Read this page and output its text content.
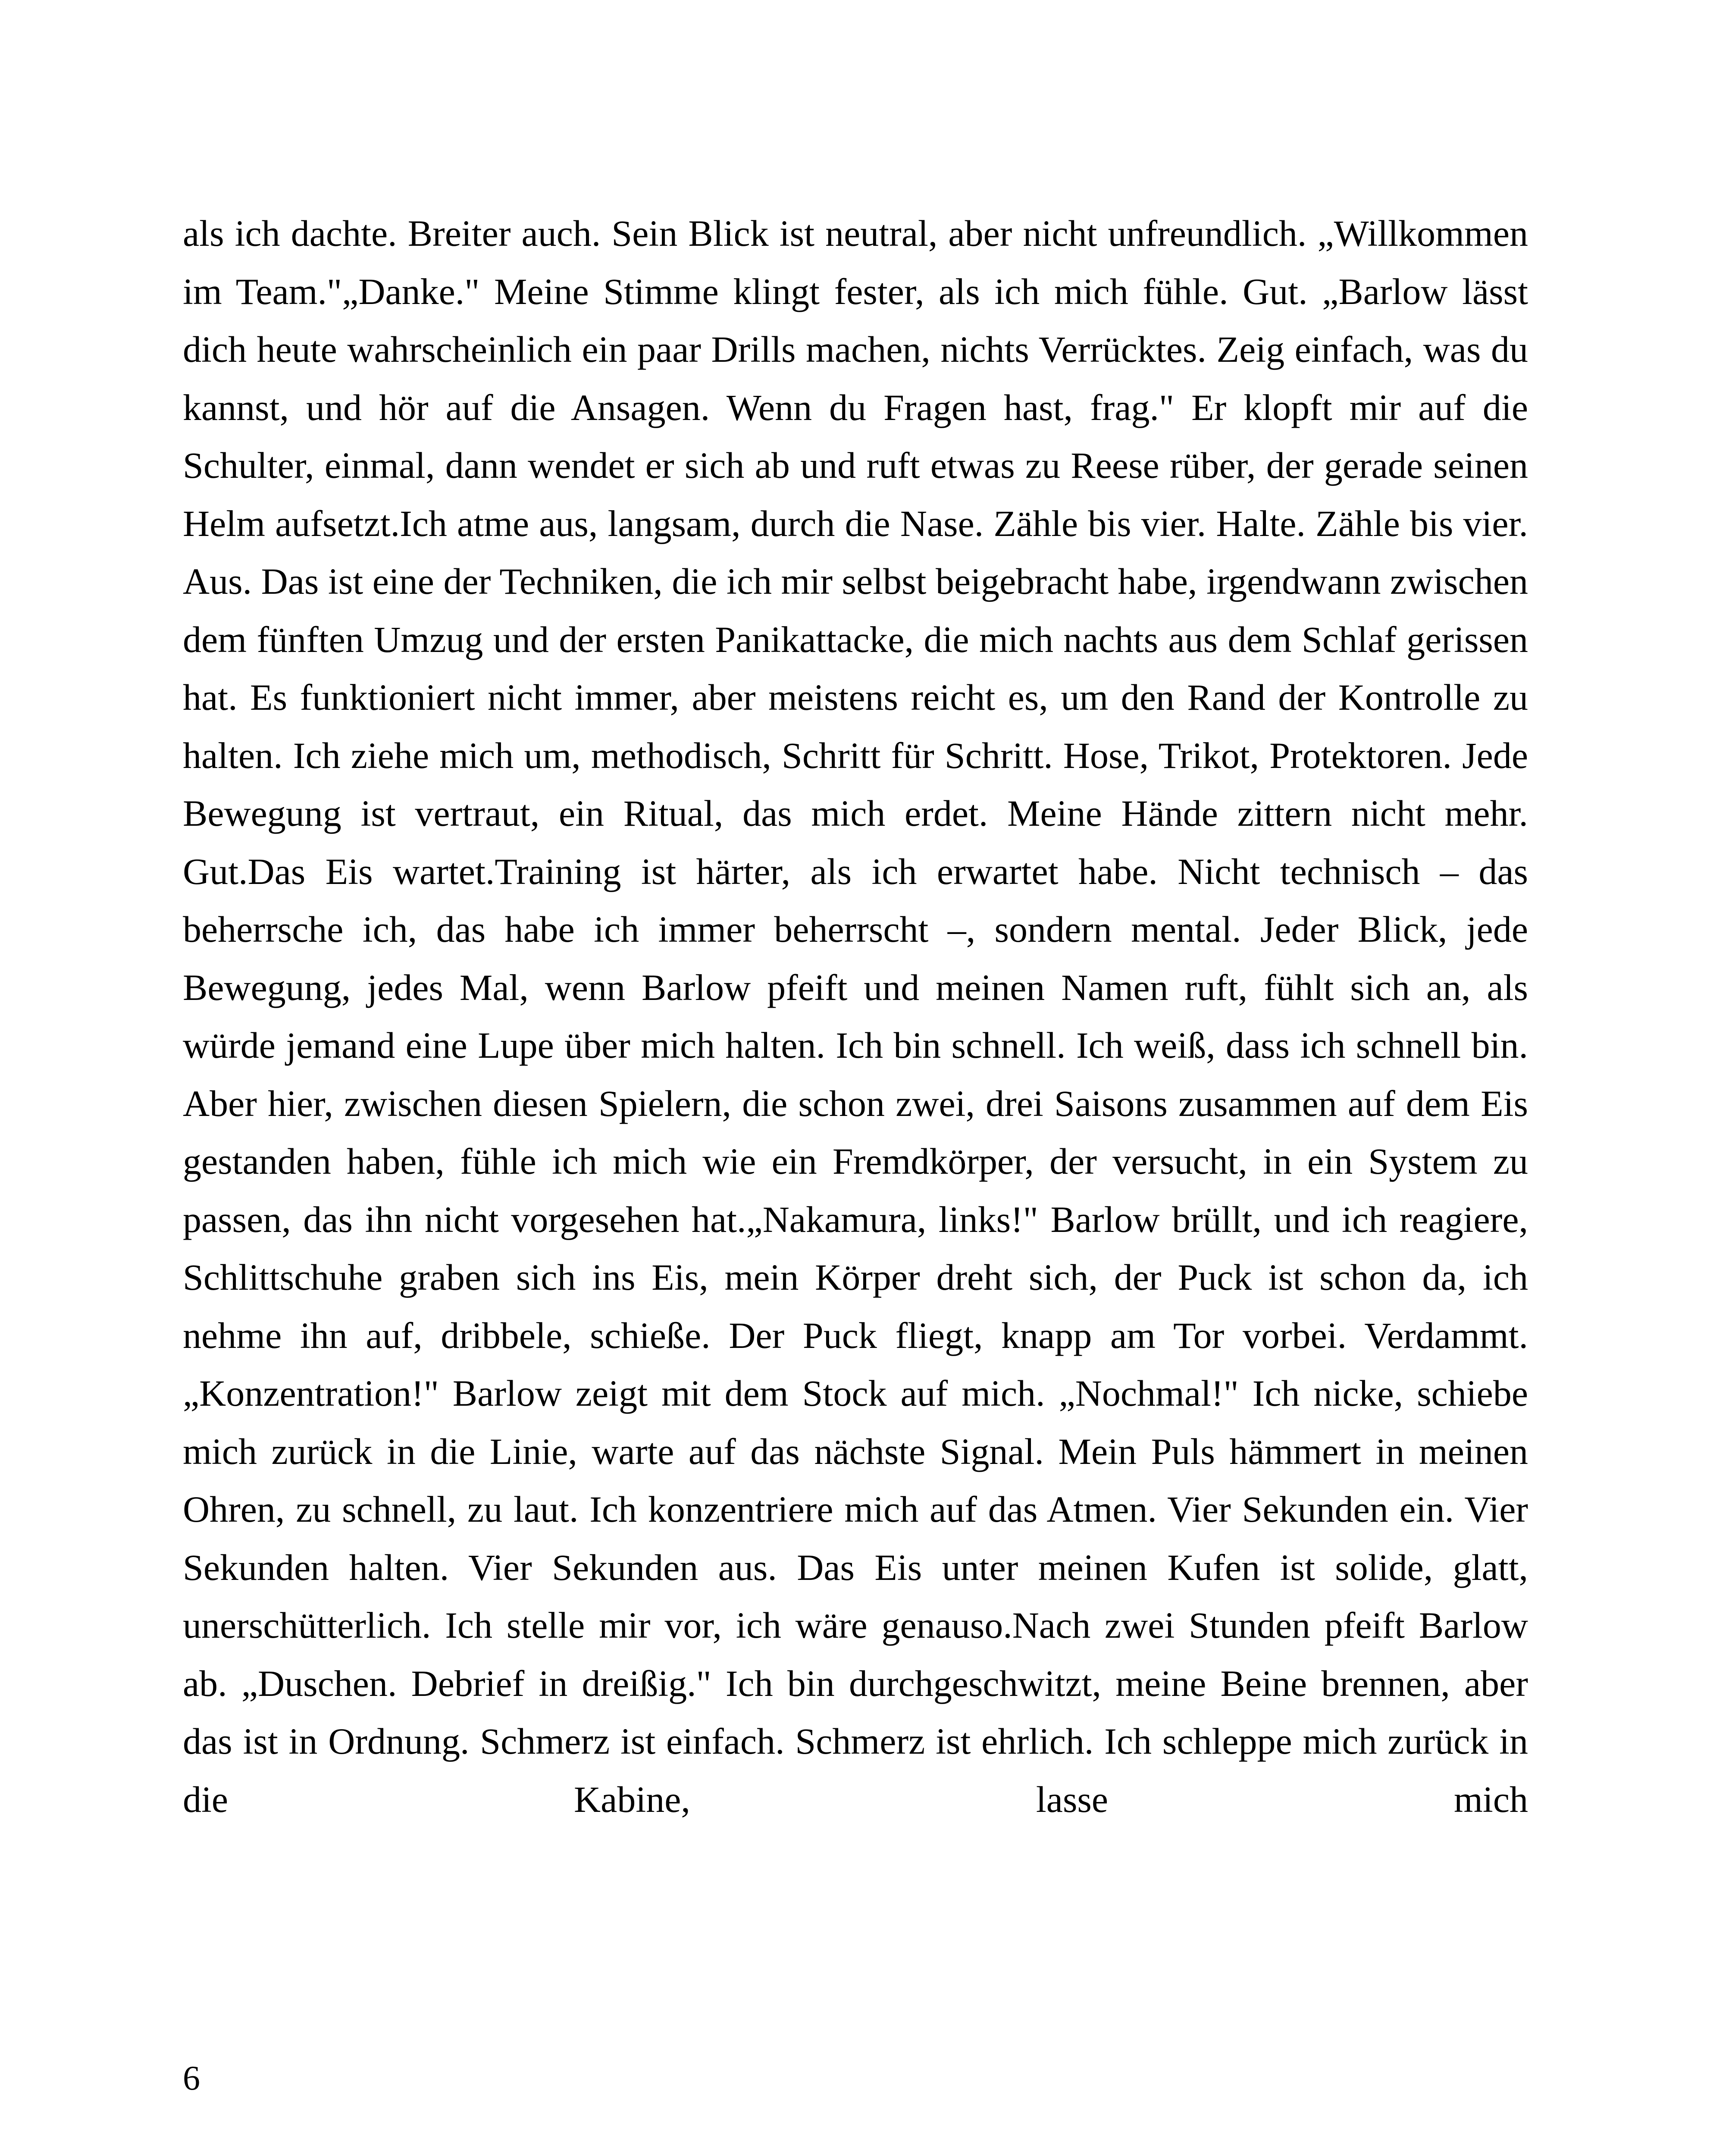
als ich dachte. Breiter auch. Sein Blick ist neutral, aber nicht unfreundlich. „Willkommen im Team."„Danke." Meine Stimme klingt fester, als ich mich fühle. Gut. „Barlow lässt dich heute wahrscheinlich ein paar Drills machen, nichts Verrücktes. Zeig einfach, was du kannst, und hör auf die Ansagen. Wenn du Fragen hast, frag." Er klopft mir auf die Schulter, einmal, dann wendet er sich ab und ruft etwas zu Reese rüber, der gerade seinen Helm aufsetzt.Ich atme aus, langsam, durch die Nase. Zähle bis vier. Halte. Zähle bis vier. Aus. Das ist eine der Techniken, die ich mir selbst beigebracht habe, irgendwann zwischen dem fünften Umzug und der ersten Panikattacke, die mich nachts aus dem Schlaf gerissen hat. Es funktioniert nicht immer, aber meistens reicht es, um den Rand der Kontrolle zu halten. Ich ziehe mich um, methodisch, Schritt für Schritt. Hose, Trikot, Protektoren. Jede Bewegung ist vertraut, ein Ritual, das mich erdet. Meine Hände zittern nicht mehr. Gut.Das Eis wartet.Training ist härter, als ich erwartet habe. Nicht technisch – das beherrsche ich, das habe ich immer beherrscht –, sondern mental. Jeder Blick, jede Bewegung, jedes Mal, wenn Barlow pfeift und meinen Namen ruft, fühlt sich an, als würde jemand eine Lupe über mich halten. Ich bin schnell. Ich weiß, dass ich schnell bin. Aber hier, zwischen diesen Spielern, die schon zwei, drei Saisons zusammen auf dem Eis gestanden haben, fühle ich mich wie ein Fremdkörper, der versucht, in ein System zu passen, das ihn nicht vorgesehen hat.„Nakamura, links!" Barlow brüllt, und ich reagiere, Schlittschuhe graben sich ins Eis, mein Körper dreht sich, der Puck ist schon da, ich nehme ihn auf, dribbele, schieße. Der Puck fliegt, knapp am Tor vorbei. Verdammt. „Konzentration!" Barlow zeigt mit dem Stock auf mich. „Nochmal!" Ich nicke, schiebe mich zurück in die Linie, warte auf das nächste Signal. Mein Puls hämmert in meinen Ohren, zu schnell, zu laut. Ich konzentriere mich auf das Atmen. Vier Sekunden ein. Vier Sekunden halten. Vier Sekunden aus. Das Eis unter meinen Kufen ist solide, glatt, unerschütterlich. Ich stelle mir vor, ich wäre genauso.Nach zwei Stunden pfeift Barlow ab. „Duschen. Debrief in dreißig." Ich bin durchgeschwitzt, meine Beine brennen, aber das ist in Ordnung. Schmerz ist einfach. Schmerz ist ehrlich. Ich schleppe mich zurück in die Kabine, lasse mich

6
